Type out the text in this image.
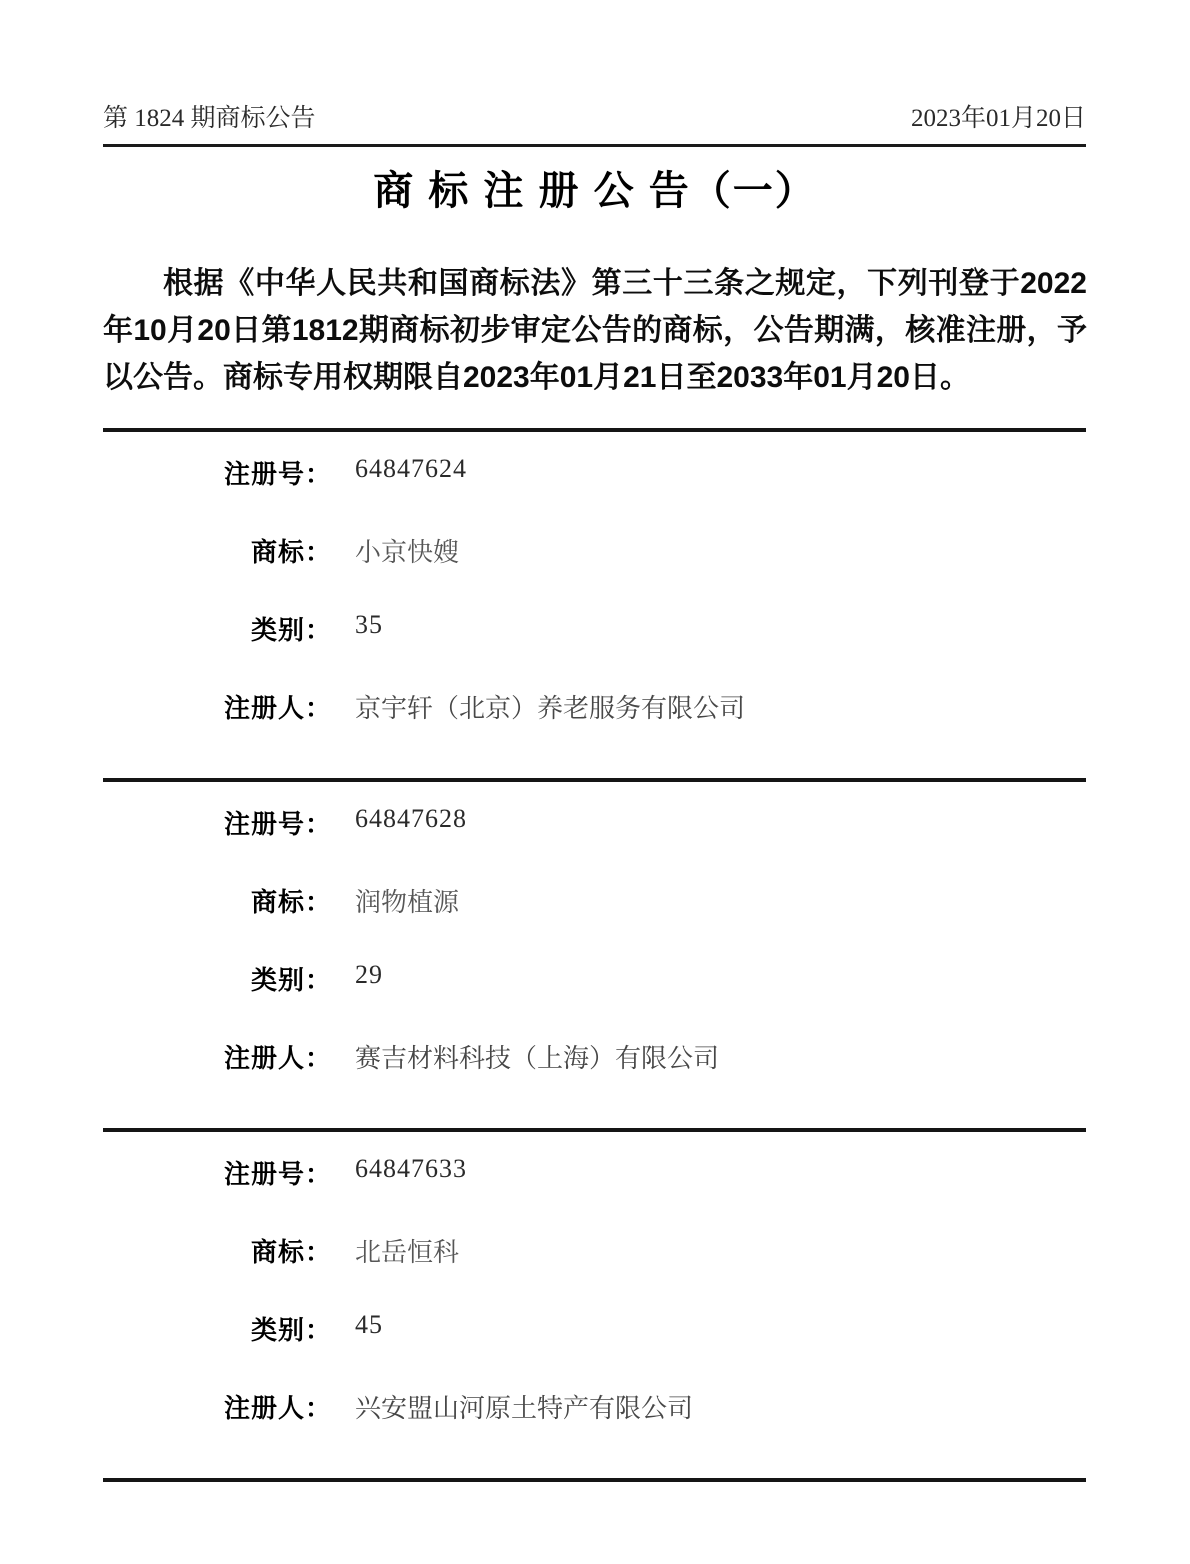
第 1824 期商标公告	2023年01月20日
商 标 注 册 公 告（一）

根据《中华人民共和国商标法》第三十三条之规定，下列刊登于2022年10月20日第1812期商标初步审定公告的商标，公告期满，核准注册，予以公告。商标专用权期限自2023年01月21日至2033年01月20日。

注册号： 64847624
商标： 小京快嫂
类别： 35
注册人： 京宇轩（北京）养老服务有限公司
注册号： 64847628
商标： 润物植源
类别： 29
注册人： 赛吉材料科技（上海）有限公司
注册号： 64847633
商标： 北岳恒科
类别： 45
注册人： 兴安盟山河原土特产有限公司
